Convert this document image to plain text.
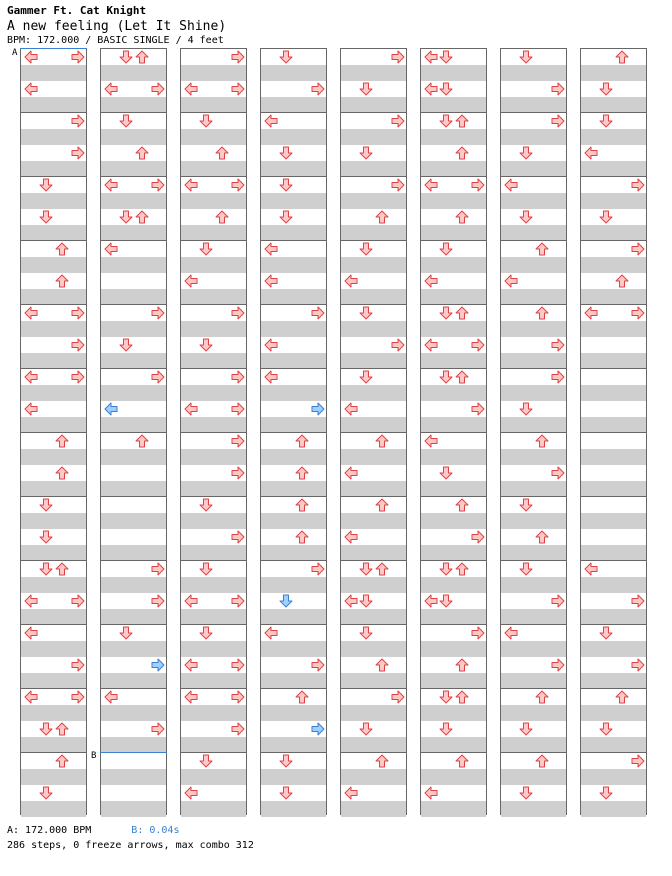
Gammer Ft. Cat Knight
A new feeling (Let It Shine)
BPM: 172.000 / BASIC SINGLE / 4 feet
A: 172.000 BPM	B: 0.04s
286 steps, 0 freeze arrows, max combo 312
A
B
